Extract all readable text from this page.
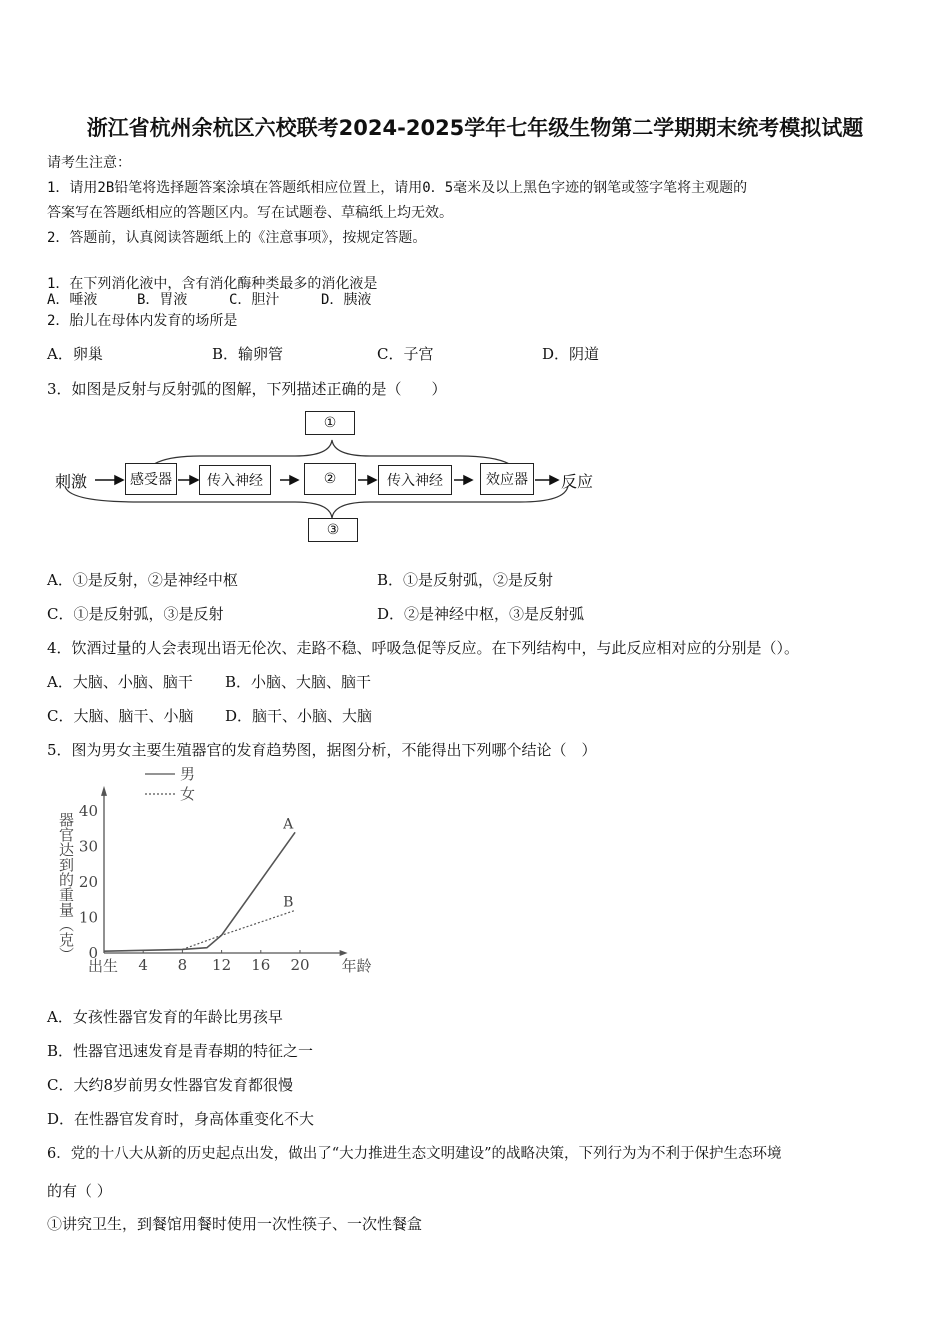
浙江省杭州余杭区六校联考2024-2025学年七年级生物第二学期期末统考模拟试题
请考生注意：
1．请用2B铅笔将选择题答案涂填在答题纸相应位置上，请用0．5毫米及以上黑色字迹的钢笔或签字笔将主观题的
答案写在答题纸相应的答题区内。写在试题卷、草稿纸上均无效。
2．答题前，认真阅读答题纸上的《注意事项》，按规定答题。
1．在下列消化液中，含有消化酶种类最多的消化液是
A．唾液	B．胃液	C．胆汁	D．胰液
2．胎儿在母体内发育的场所是
A．卵巢	B．输卵管	C．子宫	D．阴道
3．如图是反射与反射弧的图解，下列描述正确的是（　　）
刺激	反应
感受器	传入神经	②	传入神经	效应器
①
③
A．①是反射，②是神经中枢	B．①是反射弧，②是反射
C．①是反射弧，③是反射	D．②是神经中枢，③是反射弧
4．饮酒过量的人会表现出语无伦次、走路不稳、呼吸急促等反应。在下列结构中，与此反应相对应的分别是（）。
A．大脑、小脑、脑干 B．小脑、大脑、脑干
C．大脑、脑干、小脑 D．脑干、小脑、大脑
5．图为男女主要生殖器官的发育趋势图，据图分析，不能得出下列哪个结论（　）
0
10
20
30
40
4 8 12 16 20
出生	年龄
器官达到的重量（克）	A
男
B
女
A．女孩性器官发育的年龄比男孩早
B．性器官迅速发育是青春期的特征之一
C．大约8岁前男女性器官发育都很慢
D．在性器官发育时，身高体重变化不大
6．党的十八大从新的历史起点出发，做出了“大力推进生态文明建设”的战略决策，下列行为为不利于保护生态环境
的有（ ）
①讲究卫生，到餐馆用餐时使用一次性筷子、一次性餐盒
